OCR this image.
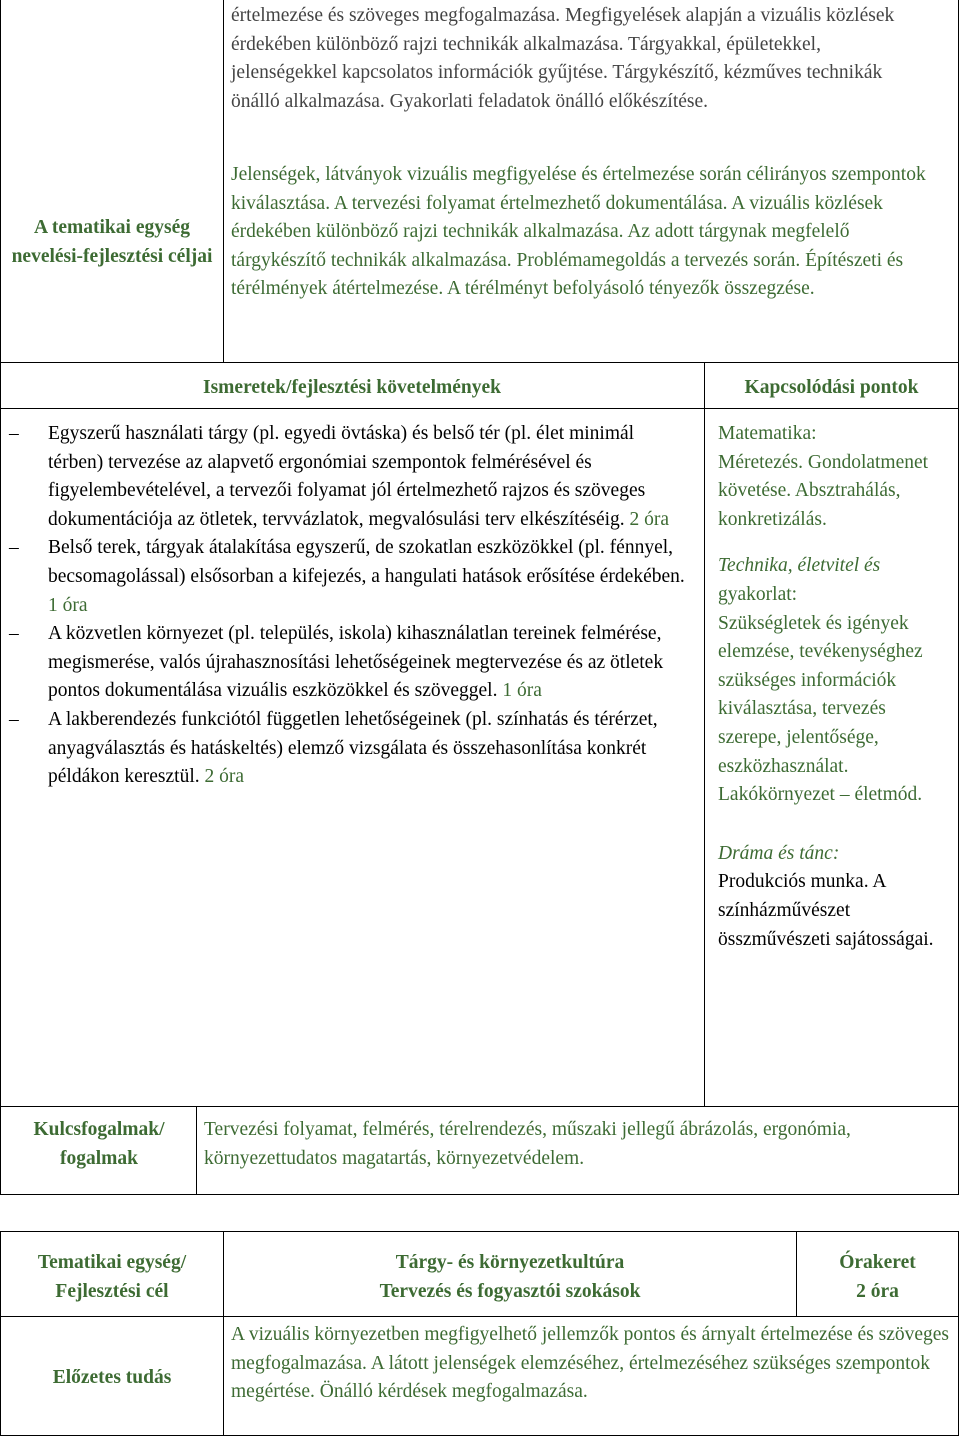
A tematikai egység nevelési-fejlesztési céljai
értelmezése és szöveges megfogalmazása. Megfigyelések alapján a vizuális közlések érdekében különböző rajzi technikák alkalmazása. Tárgyakkal, épületekkel, jelenségekkel kapcsolatos információk gyűjtése. Tárgykészítő, kézműves technikák önálló alkalmazása. Gyakorlati feladatok önálló előkészítése.
Jelenségek, látványok vizuális megfigyelése és értelmezése során célirányos szempontok kiválasztása. A tervezési folyamat értelmezhető dokumentálása. A vizuális közlések érdekében különböző rajzi technikák alkalmazása. Az adott tárgynak megfelelő tárgykészítő technikák alkalmazása. Problémamegoldás a tervezés során. Építészeti és térélmények átértelmezése. A térélményt befolyásoló tényezők összegzése.
Ismeretek/fejlesztési követelmények	Kapcsolódási pontok
– Egyszerű használati tárgy (pl. egyedi övtáska) és belső tér (pl. élet minimál térben) tervezése az alapvető ergonómiai szempontok felmérésével és figyelembevételével, a tervezői folyamat jól értelmezhető rajzos és szöveges dokumentációja az ötletek, tervvázlatok, megvalósulási terv elkészítéséig. 2 óra
– Belső terek, tárgyak átalakítása egyszerű, de szokatlan eszközökkel (pl. fénnyel, becsomagolással) elsősorban a kifejezés, a hangulati hatások erősítése érdekében. 1 óra
– A közvetlen környezet (pl. település, iskola) kihasználatlan tereinek felmérése, megismerése, valós újrahasznosítási lehetőségeinek megtervezése és az ötletek pontos dokumentálása vizuális eszközökkel és szöveggel. 1 óra
– A lakberendezés funkciótól független lehetőségeinek (pl. színhatás és térérzet, anyagválasztás és hatáskeltés) elemző vizsgálata és összehasonlítása konkrét példákon keresztül. 2 óra

Matematika:

Méretezés. Gondolatmenet követése. Absztrahálás, konkretizálás.

Technika, életvitel és

gyakorlat:

Szükségletek és igények elemzése, tevékenységhez szükséges információk kiválasztása, tervezés szerepe, jelentősége, eszközhasználat. Lakókörnyezet – életmód.

Dráma és tánc:

Produkciós munka. A színházművészet összművészeti sajátosságai.

Kulcsfogalmak/ fogalmak
Tervezési folyamat, felmérés, térelrendezés, műszaki jellegű ábrázolás, ergonómia, környezettudatos magatartás, környezetvédelem.
Tematikai egység/ Fejlesztési cél
Tárgy- és környezetkultúra
Tervezés és fogyasztói szokások
Órakeret
2 óra
Előzetes tudás
A vizuális környezetben megfigyelhető jellemzők pontos és árnyalt értelmezése és szöveges megfogalmazása. A látott jelenségek elemzéséhez, értelmezéséhez szükséges szempontok megértése. Önálló kérdések megfogalmazása.
